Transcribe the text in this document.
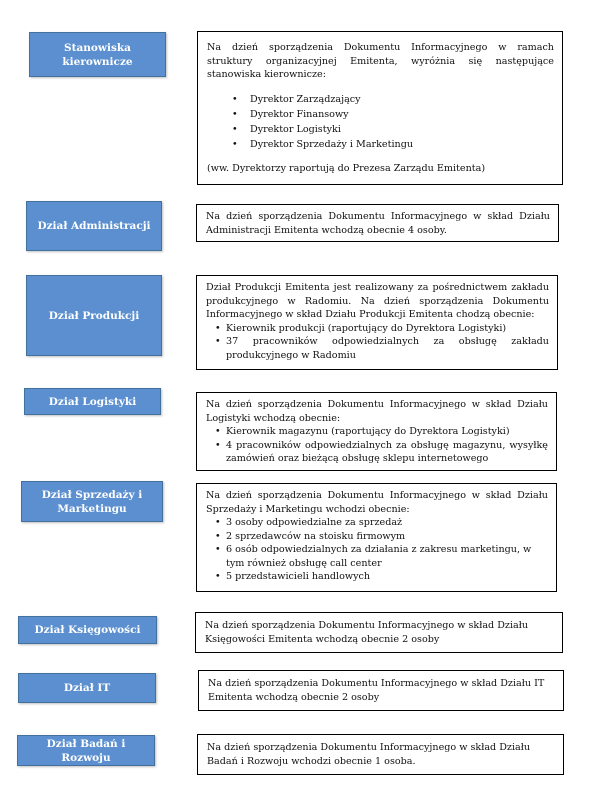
Stanowiska kierownicze

Na dzień sporządzenia Dokumentu Informacyjnego w ramach struktury organizacyjnej Emitenta, wyróżnia się następujące stanowiska kierownicze:

• Dyrektor Zarządzający
• Dyrektor Finansowy
• Dyrektor Logistyki
• Dyrektor Sprzedaży i Marketingu

(ww. Dyrektorzy raportują do Prezesa Zarządu Emitenta)

Dział Administracji

Na dzień sporządzenia Dokumentu Informacyjnego w skład Działu Administracji Emitenta wchodzą obecnie 4 osoby.

Dział Produkcji

Dział Produkcji Emitenta jest realizowany za pośrednictwem zakładu produkcyjnego w Radomiu. Na dzień sporządzenia Dokumentu Informacyjnego w skład Działu Produkcji Emitenta chodzą obecnie:

• Kierownik produkcji (raportujący do Dyrektora Logistyki)
• 37 pracowników odpowiedzialnych za obsługę zakładu produkcyjnego w Radomiu
Dział Logistyki	Na dzień sporządzenia Dokumentu Informacyjnego w skład Działu Logistyki wchodzą obecnie:

• Kierownik magazynu (raportujący do Dyrektora Logistyki)
• 4 pracowników odpowiedzialnych za obsługę magazynu, wysyłkę zamówień oraz bieżącą obsługę sklepu internetowego
Dział Sprzedaży i Marketingu

Na dzień sporządzenia Dokumentu Informacyjnego w skład Działu Sprzedaży i Marketingu wchodzi obecnie:

• 3 osoby odpowiedzialne za sprzedaż
• 2 sprzedawców na stoisku firmowym
• 6 osób odpowiedzialnych za działania z zakresu marketingu, w tym również obsługę call center
• 5 przedstawicieli handlowych
Dział Księgowości	Na dzień sporządzenia Dokumentu Informacyjnego w skład Działu Księgowości Emitenta wchodzą obecnie 2 osoby

Dział IT	Na dzień sporządzenia Dokumentu Informacyjnego w skład Działu IT Emitenta wchodzą obecnie 2 osoby

Dział Badań i Rozwoju

Na dzień sporządzenia Dokumentu Informacyjnego w skład Działu Badań i Rozwoju wchodzi obecnie 1 osoba.
